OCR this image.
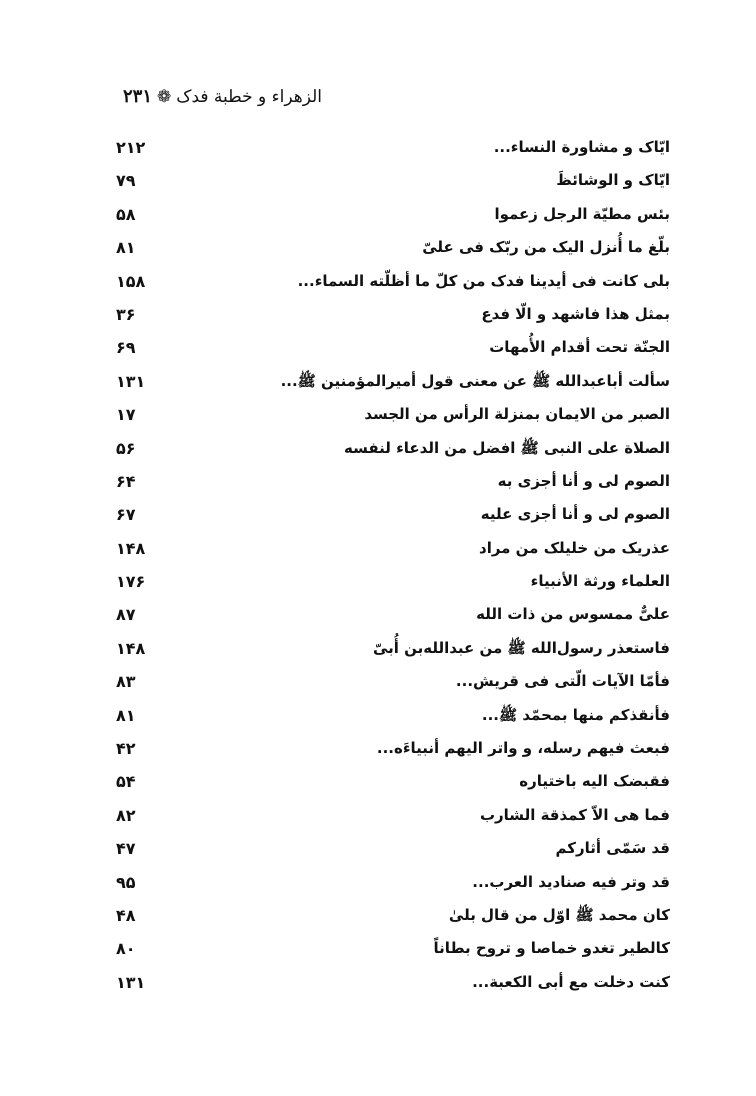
الزهراء و خطبة فدک❁۲۳۱
ايّاک و مشاورة النساء...
۲۱۲
ايّاک و الوشائظَ
۷۹
بئس مطيّة الرجل زعموا
۵۸
بلّغ ما أُنزل اليک من ربّک فى علىّ
۸۱
بلى كانت فى أيدينا فدک من كلّ ما أظلّته السماء...
۱۵۸
بمثل هذا فاشهد و الّا فدع
۳۶
الجنّة تحت أقدام الأُمهات
۶۹
سألت أباعبدالله ﷺ عن معنى قول أميرالمؤمنين ﷺ...
۱۳۱
الصبر من الايمان بمنزلة الرأس من الجسد
۱۷
الصلاة على النبى ﷺ افضل من الدعاء لنفسه
۵۶
الصوم لى و أنا أجزى به
۶۴
الصوم لى و أنا أجزى عليه
۶۷
عذريک من خليلک من مراد
۱۴۸
العلماء ورثة الأنبياء
۱۷۶
علىٌّ ممسوس من ذات الله
۸۷
فاستعذر رسول‌الله ﷺ من عبدالله‌بن أُبىّ
۱۴۸
فأمّا الآيات الّتى فى قريش...
۸۳
فأنقذكم منها بمحمّد ﷺ...
۸۱
فبعث فيهم رسله، و واتر اليهم أنبياءَه...
۴۲
فقبضک اليه باختياره
۵۴
فما هى الاّ كمذقة الشارب
۸۲
قد سَمّى أثاركم
۴۷
قد وتر فيه صناديد العرب...
۹۵
كان محمد ﷺ اوّل من قال بلىٰ
۴۸
كالطير تغدو خماصا و تروح بطاناً
۸۰
كنت دخلت مع أبى الكعبة...
۱۳۱
